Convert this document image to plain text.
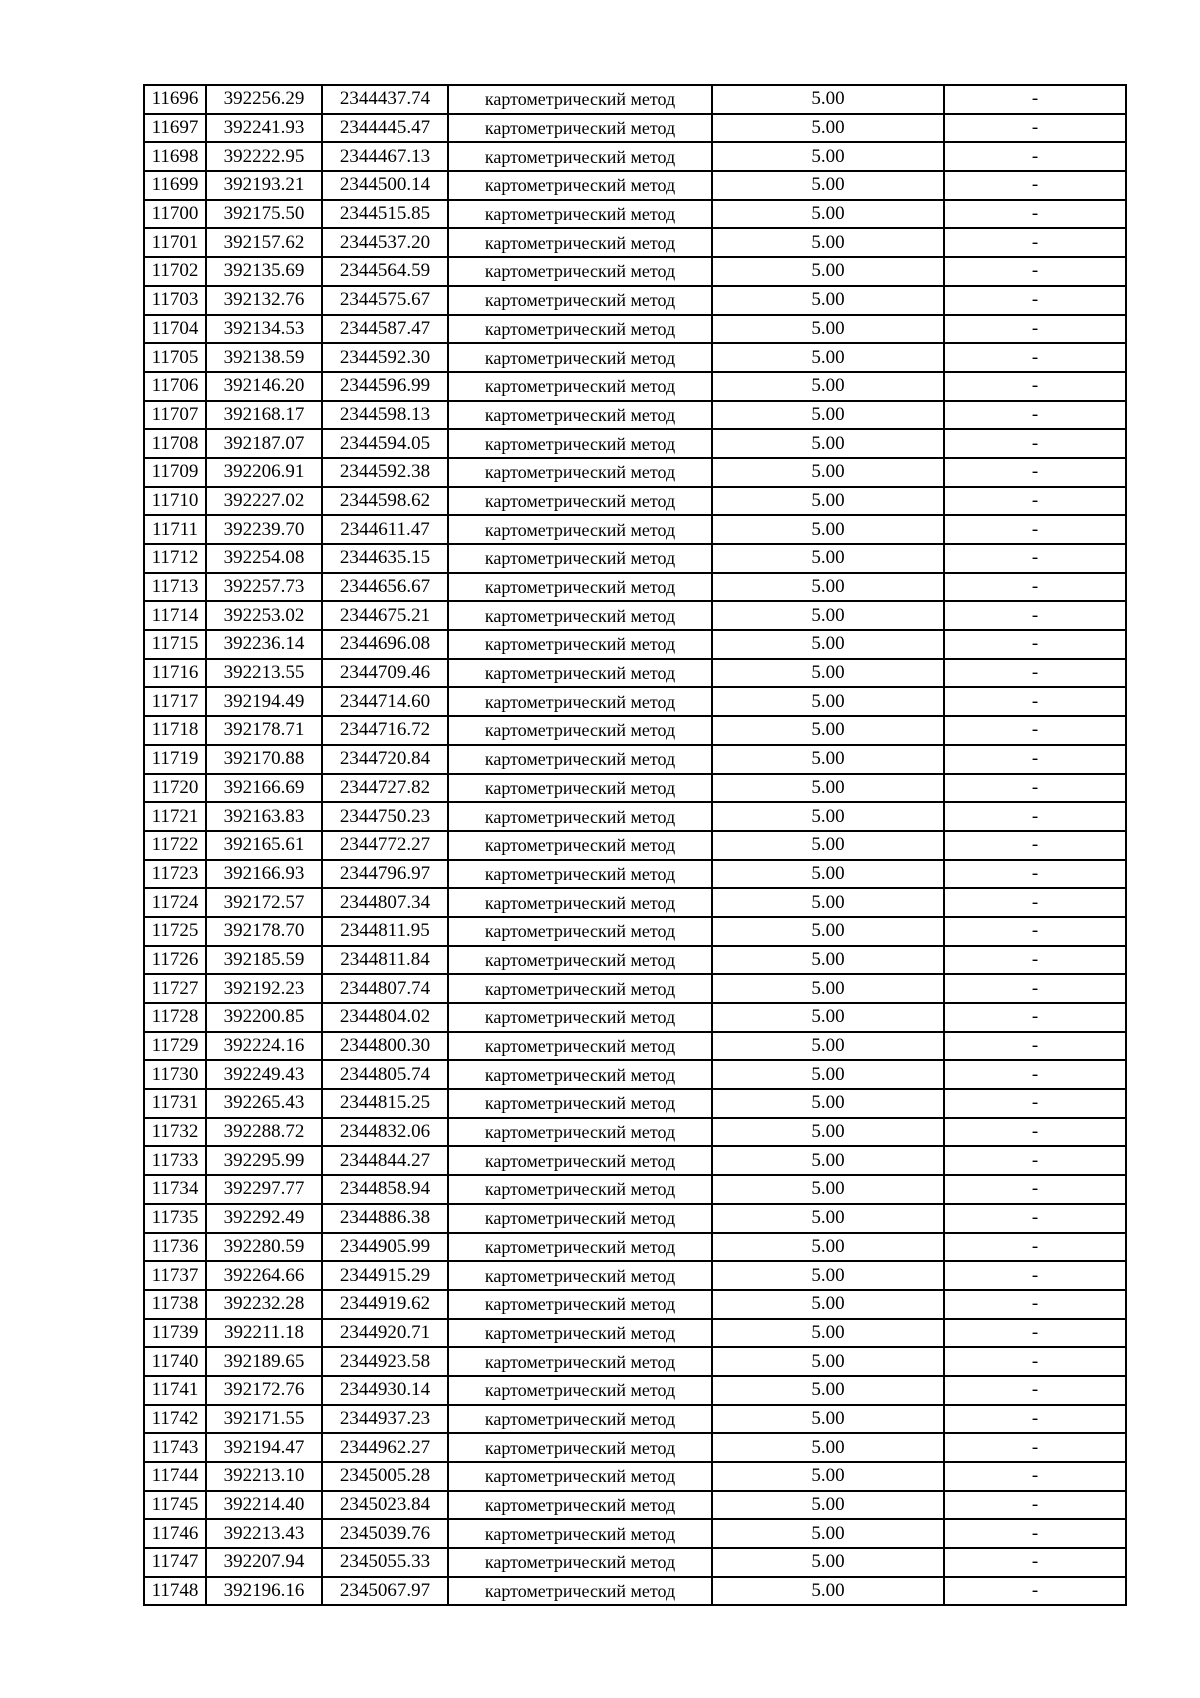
11696	392256.29	2344437.74	картометрический метод	5.00	-
11697	392241.93	2344445.47	картометрический метод	5.00	-
11698	392222.95	2344467.13	картометрический метод	5.00	-
11699	392193.21	2344500.14	картометрический метод	5.00	-
11700	392175.50	2344515.85	картометрический метод	5.00	-
11701	392157.62	2344537.20	картометрический метод	5.00	-
11702	392135.69	2344564.59	картометрический метод	5.00	-
11703	392132.76	2344575.67	картометрический метод	5.00	-
11704	392134.53	2344587.47	картометрический метод	5.00	-
11705	392138.59	2344592.30	картометрический метод	5.00	-
11706	392146.20	2344596.99	картометрический метод	5.00	-
11707	392168.17	2344598.13	картометрический метод	5.00	-
11708	392187.07	2344594.05	картометрический метод	5.00	-
11709	392206.91	2344592.38	картометрический метод	5.00	-
11710	392227.02	2344598.62	картометрический метод	5.00	-
11711	392239.70	2344611.47	картометрический метод	5.00	-
11712	392254.08	2344635.15	картометрический метод	5.00	-
11713	392257.73	2344656.67	картометрический метод	5.00	-
11714	392253.02	2344675.21	картометрический метод	5.00	-
11715	392236.14	2344696.08	картометрический метод	5.00	-
11716	392213.55	2344709.46	картометрический метод	5.00	-
11717	392194.49	2344714.60	картометрический метод	5.00	-
11718	392178.71	2344716.72	картометрический метод	5.00	-
11719	392170.88	2344720.84	картометрический метод	5.00	-
11720	392166.69	2344727.82	картометрический метод	5.00	-
11721	392163.83	2344750.23	картометрический метод	5.00	-
11722	392165.61	2344772.27	картометрический метод	5.00	-
11723	392166.93	2344796.97	картометрический метод	5.00	-
11724	392172.57	2344807.34	картометрический метод	5.00	-
11725	392178.70	2344811.95	картометрический метод	5.00	-
11726	392185.59	2344811.84	картометрический метод	5.00	-
11727	392192.23	2344807.74	картометрический метод	5.00	-
11728	392200.85	2344804.02	картометрический метод	5.00	-
11729	392224.16	2344800.30	картометрический метод	5.00	-
11730	392249.43	2344805.74	картометрический метод	5.00	-
11731	392265.43	2344815.25	картометрический метод	5.00	-
11732	392288.72	2344832.06	картометрический метод	5.00	-
11733	392295.99	2344844.27	картометрический метод	5.00	-
11734	392297.77	2344858.94	картометрический метод	5.00	-
11735	392292.49	2344886.38	картометрический метод	5.00	-
11736	392280.59	2344905.99	картометрический метод	5.00	-
11737	392264.66	2344915.29	картометрический метод	5.00	-
11738	392232.28	2344919.62	картометрический метод	5.00	-
11739	392211.18	2344920.71	картометрический метод	5.00	-
11740	392189.65	2344923.58	картометрический метод	5.00	-
11741	392172.76	2344930.14	картометрический метод	5.00	-
11742	392171.55	2344937.23	картометрический метод	5.00	-
11743	392194.47	2344962.27	картометрический метод	5.00	-
11744	392213.10	2345005.28	картометрический метод	5.00	-
11745	392214.40	2345023.84	картометрический метод	5.00	-
11746	392213.43	2345039.76	картометрический метод	5.00	-
11747	392207.94	2345055.33	картометрический метод	5.00	-
11748	392196.16	2345067.97	картометрический метод	5.00	-
